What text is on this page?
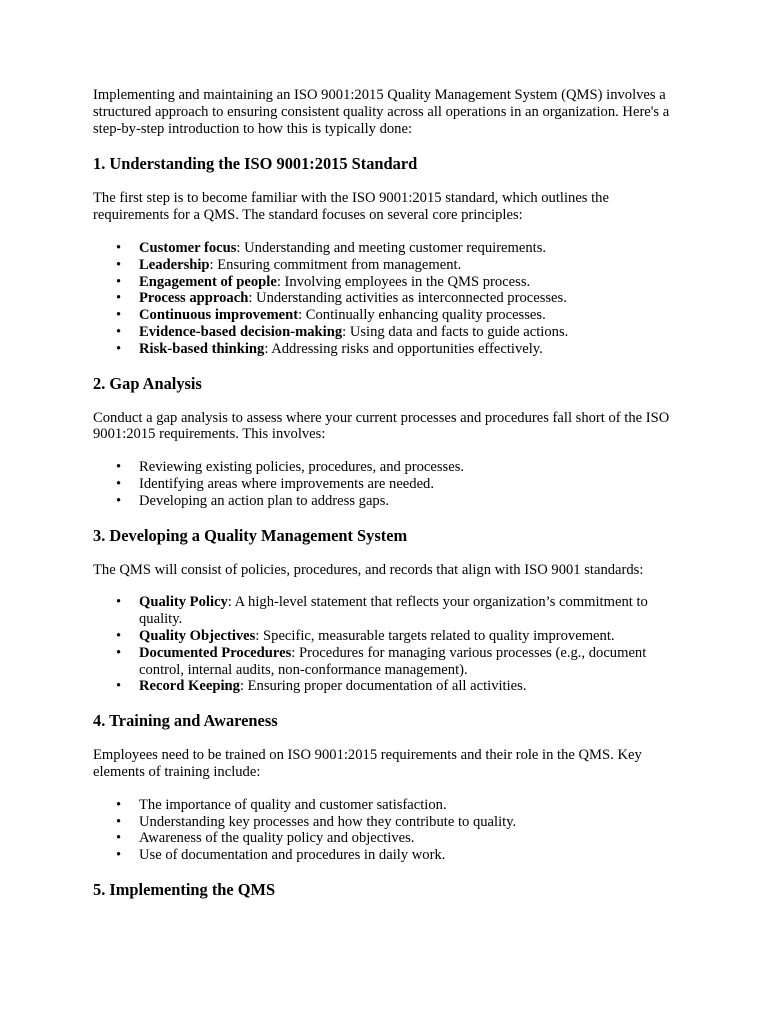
Implementing and maintaining an ISO 9001:2015 Quality Management System (QMS) involves a structured approach to ensuring consistent quality across all operations in an organization. Here's a step-by-step introduction to how this is typically done:

1. Understanding the ISO 9001:2015 Standard

The first step is to become familiar with the ISO 9001:2015 standard, which outlines the requirements for a QMS. The standard focuses on several core principles:

• Customer focus: Understanding and meeting customer requirements.
• Leadership: Ensuring commitment from management.
• Engagement of people: Involving employees in the QMS process.
• Process approach: Understanding activities as interconnected processes.
• Continuous improvement: Continually enhancing quality processes.
• Evidence-based decision-making: Using data and facts to guide actions.
• Risk-based thinking: Addressing risks and opportunities effectively.
2. Gap Analysis

Conduct a gap analysis to assess where your current processes and procedures fall short of the ISO 9001:2015 requirements. This involves:

• Reviewing existing policies, procedures, and processes.
• Identifying areas where improvements are needed.
• Developing an action plan to address gaps.
3. Developing a Quality Management System

The QMS will consist of policies, procedures, and records that align with ISO 9001 standards:

• Quality Policy: A high-level statement that reflects your organization’s commitment to quality.
• Quality Objectives: Specific, measurable targets related to quality improvement.
• Documented Procedures: Procedures for managing various processes (e.g., document control, internal audits, non-conformance management).
• Record Keeping: Ensuring proper documentation of all activities.
4. Training and Awareness

Employees need to be trained on ISO 9001:2015 requirements and their role in the QMS. Key elements of training include:

• The importance of quality and customer satisfaction.
• Understanding key processes and how they contribute to quality.
• Awareness of the quality policy and objectives.
• Use of documentation and procedures in daily work.
5. Implementing the QMS
